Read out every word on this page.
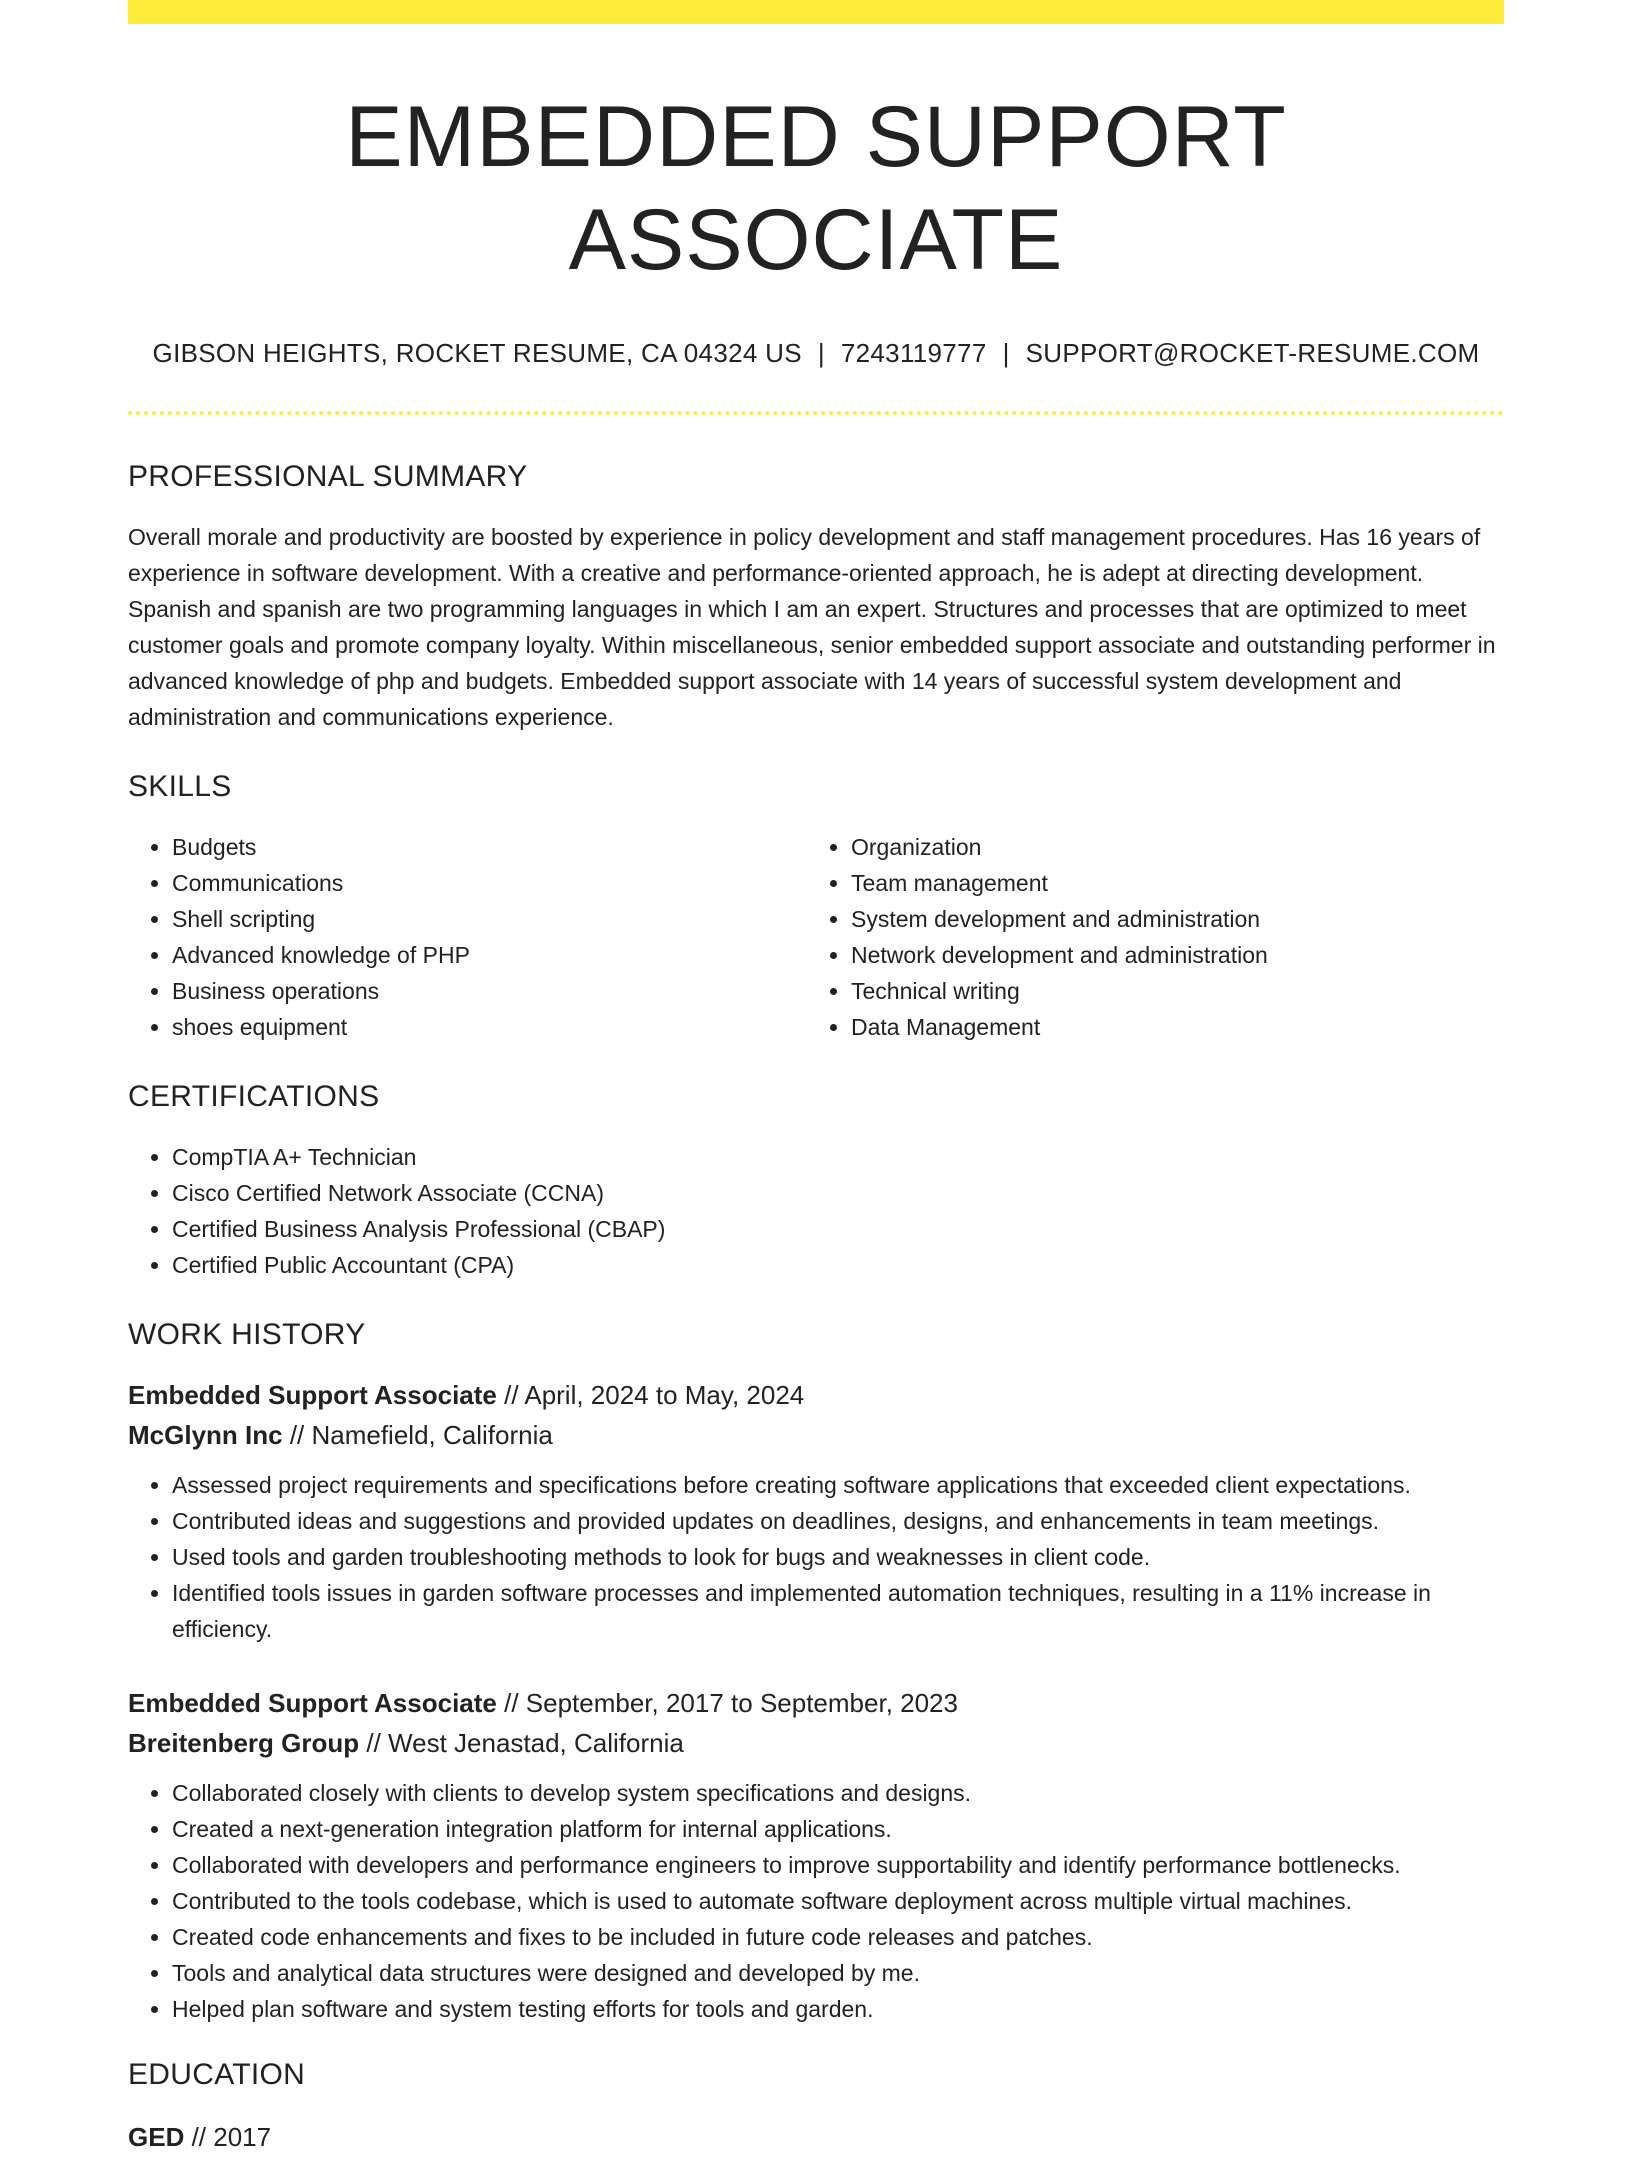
EMBEDDED SUPPORT ASSOCIATE
GIBSON HEIGHTS, ROCKET RESUME, CA 04324 US | 7243119777 | SUPPORT@ROCKET-RESUME.COM
PROFESSIONAL SUMMARY

Overall morale and productivity are boosted by experience in policy development and staff management procedures. Has 16 years of experience in software development. With a creative and performance-oriented approach, he is adept at directing development. Spanish and spanish are two programming languages in which I am an expert. Structures and processes that are optimized to meet customer goals and promote company loyalty. Within miscellaneous, senior embedded support associate and outstanding performer in advanced knowledge of php and budgets. Embedded support associate with 14 years of successful system development and administration and communications experience.

SKILLS
• Budgets
• Communications
• Shell scripting
• Advanced knowledge of PHP
• Business operations
• shoes equipment
• Organization
• Team management
• System development and administration
• Network development and administration
• Technical writing
• Data Management
CERTIFICATIONS
• CompTIA A+ Technician
• Cisco Certified Network Associate (CCNA)
• Certified Business Analysis Professional (CBAP)
• Certified Public Accountant (CPA)
WORK HISTORY
Embedded Support Associate // April, 2024 to May, 2024
McGlynn Inc // Namefield, California
• Assessed project requirements and specifications before creating software applications that exceeded client expectations.
• Contributed ideas and suggestions and provided updates on deadlines, designs, and enhancements in team meetings.
• Used tools and garden troubleshooting methods to look for bugs and weaknesses in client code.
• Identified tools issues in garden software processes and implemented automation techniques, resulting in a 11% increase in efficiency.
Embedded Support Associate // September, 2017 to September, 2023
Breitenberg Group // West Jenastad, California
• Collaborated closely with clients to develop system specifications and designs.
• Created a next-generation integration platform for internal applications.
• Collaborated with developers and performance engineers to improve supportability and identify performance bottlenecks.
• Contributed to the tools codebase, which is used to automate software deployment across multiple virtual machines.
• Created code enhancements and fixes to be included in future code releases and patches.
• Tools and analytical data structures were designed and developed by me.
• Helped plan software and system testing efforts for tools and garden.
EDUCATION
GED // 2017
